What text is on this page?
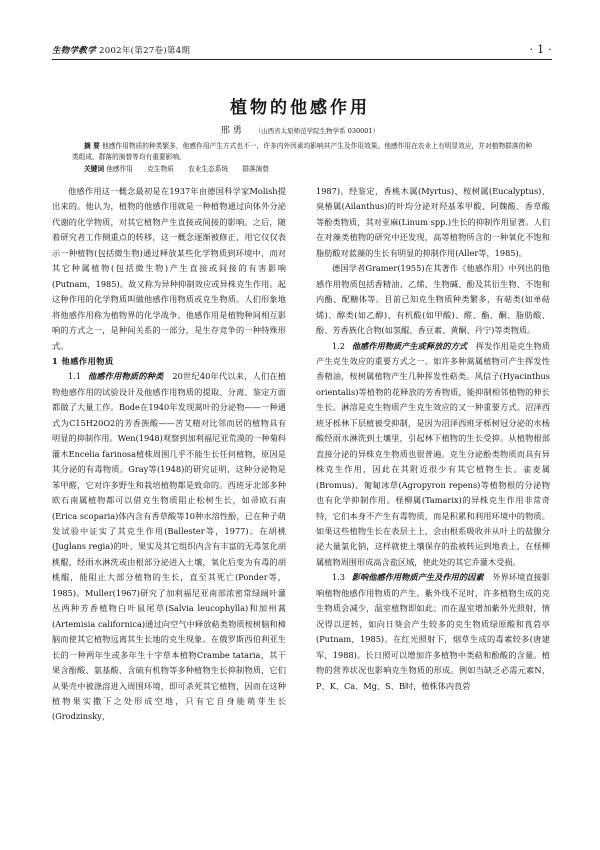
生物学教学 2002年(第27卷)第4期	· 1 ·
植物的他感作用
邢 勇 （山西省太原师范学院生物学系 030001）
摘 要 他感作用物质的种类繁多，他感作用产生方式也不一，许多内外因素均影响其产生及作用效果。他感作用在农业上有明显效应，并对植物群落的种类组成、群落的演替等均有重要影响。
关键词 他感作用 克生物质 农业生态系统 群落演替

他感作用这一概念最初是在1937年由德国科学家Molish提出来的。他认为，植物的他感作用就是一种植物通过向体外分泌代谢的化学物质，对其它植物产生直接或间接的影响。之后，随着研究者工作侧重点的转移，这一概念逐渐被修正，用它仅仅表示一种植物(包括微生物)通过释放某些化学物质到环境中，而对其它种属植物(包括微生物)产生直接或间接的有害影响(Putnam，1985)。故又称为异种抑制效应或异株克生作用。起这种作用的化学物质叫做他感作用物质或克生物质。人们形象地将他感作用称为植物界的化学战争。他感作用是植物种间相互影响的方式之一，是种间关系的一部分，是生存竞争的一种特殊形式。

1 他感作用物质

1.1 他感作用物质的种类 20世纪40年代以来，人们在植物他感作用的试验设计及他感作用物质的提取、分离、鉴定方面都做了大量工作。Bode在1940年发现蒿叶的分泌物——一种通式为C15H20O2的芳香族酸——苦艾精对比邻而居的植物具有明显的抑制作用。Wen(1948)观察到加利福尼亚荒漠的一种菊科灌木Encelia farinosa植株周围几乎不能生长任何植物，原因是其分泌的有毒物质。Gray等(1948)的研究证明，这种分泌物是苯甲醛，它对许多野生和栽培植物都是致命的。西班牙北部多种欧石南属植物都可以借克生物质阻止松树生长，如帚欧石南(Erica scoparia)体内含有香草酸等10种水溶性酚，已在种子萌发试验中证实了其克生作用(Ballester等，1977)。在胡桃(Juglans regia)的叶、果实及其它组织内含有丰富的无毒氢化胡桃醌，经雨水淋洗或由根部分泌进入土壤，氧化后变为有毒的胡桃醌，能阻止大部分植物的生长，直至其死亡(Ponder等，1985)。Muller(1967)研究了加利福尼亚南部浓密常绿阔叶灌丛两种芳香植物白叶鼠尾草(Salvia leucophylla)和加州蒿(Artemisia californica)通过向空气中释放萜类物质桉树脑和樟脑而使其它植物远离其生长地的克生现象。在俄罗斯西伯利亚生长的一种两年生或多年生十字草本植物Crambe tataria，其干果含酚酸、氨基酸、含硫有机物等多种植物生长抑制物质，它们从果壳中被涤溶进入周围环境，即可杀死其它植物，因而在这种植物果实撒下之处形成空地，只有它自身能萌芽生长(Grodzinsky，

1987)。经鉴定，香桃木属(Myrtus)、桉树属(Eucalyptus)、臭椿属(Ailanthus)的叶均分泌对羟基苯甲酸、阿魏酸、香草酸等酚类物质，其对亚麻(Linum spp.)生长的抑制作用显著。人们在对藻类植物的研究中还发现，高等植物所含的一种氧化不饱和脂肪酸对蓝藻的生长有明显的抑制作用(Aller等，1985)。

德国学者Gramer(1955)在其著作《他感作用》中列出的他感作用物质包括香精油、乙烯、生物碱、酚及其衍生物、不饱和内酯、配糖体等。目前已知克生物质种类繁多，有萜类(如单萜烯)、醇类(如乙醇)、有机酸(如甲酸)、醛、酯、酮、脂肪酸、酚、芳香族化合物(如氢醌、香豆素、黄酮、丹宁)等类物质。

1.2 他感作用物质产生或释放的方式 挥发作用是克生物质产生克生效应的重要方式之一。如许多种蒿属植物可产生挥发性香精油，桉树属植物产生几种挥发性萜类。风信子(Hyacinthus orientalis)等植物的花释放的芳香物质，能抑制相邻植物的伸长生长。淋溶是克生物质产生克生效应的又一种重要方式。沼泽西班牙栎林下层植被受抑制，是因为沼泽西班牙栎树冠分泌的水杨酸经雨水淋洗到土壤里，引起林下植物的生长受抑。从植物根部直接分泌的异株克生物质也很普遍。克生分泌酚类物质而具有异株克生作用，因此在其附近很少有其它植物生长。雀麦属(Bromus)、匍匐冰草(Agropyron repens)等植物根的分泌物也有化学抑制作用。柽柳属(Tamarix)的异株克生作用非常奇特，它们本身不产生有毒物质，而是积累和利用环境中的物质。如果这些植物生长在表层土上，会由根系吸收并从叶上的盐腺分泌大量氯化钠，这样就使土壤保存的盐被转运到地表上，在柽柳属植物周围形成高含盐区域，使此处的其它乔灌木受损。

1.3 影响他感作用物质产生及作用的因素 外界环境直接影响植物他感作用物质的产生。紫外线不足时，许多植物生成的克生物质会减少，温室植物即如此；而在温室增加紫外光照射，情况得以逆转，如向日葵会产生较多的克生物质绿原酸和莨菪亭(Putnam，1985)。在红光照射下，烟草生成的毒素较多(唐建军，1988)。长日照可以增加许多植物中类萜和酚酸的含量。植物的营养状况也影响克生物质的形成。例如当缺乏必需元素N、P、K、Ca、Mg、S、B时，植株体内莨菪
